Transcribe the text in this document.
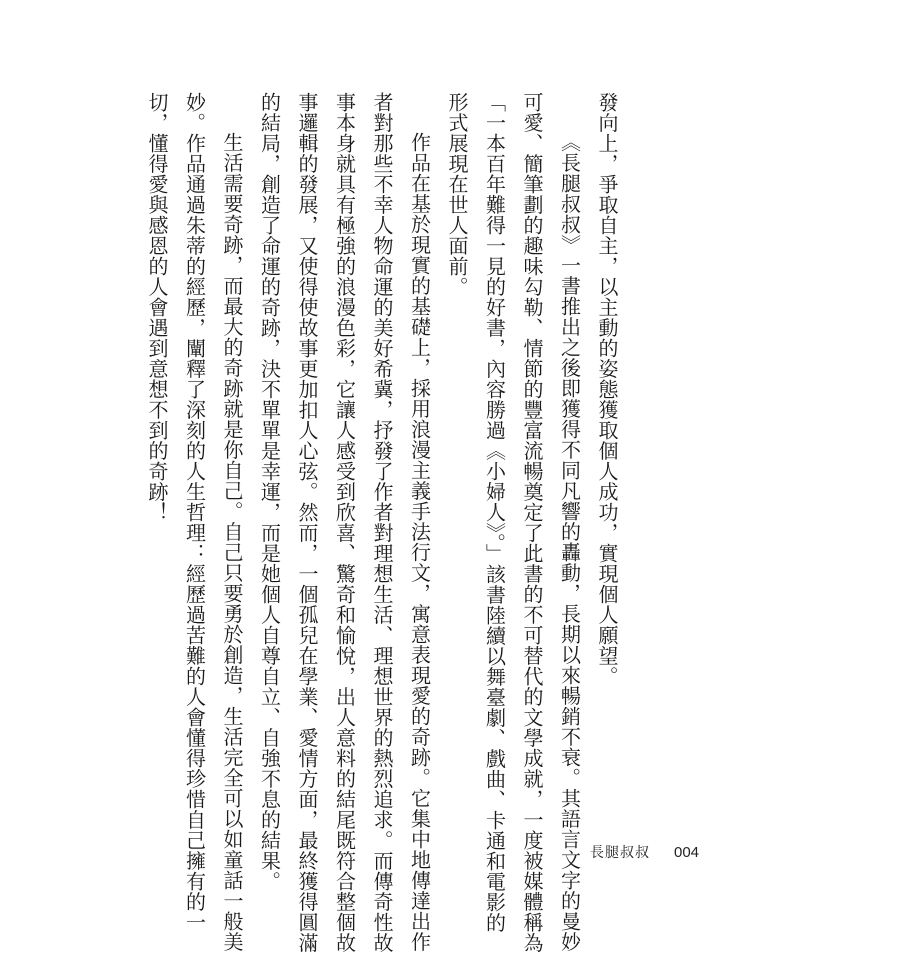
發向上，爭取自主，以主動的姿態獲取個人成功，實現個人願望。

《長腿叔叔》一書推出之後即獲得不同凡響的轟動，長期以來暢銷不衰。其語言文字的曼妙

可愛、簡筆劃的趣味勾勒、情節的豐富流暢奠定了此書的不可替代的文學成就，一度被媒體稱為

「一本百年難得一見的好書，內容勝過《小婦人》。」該書陸續以舞臺劇、戲曲、卡通和電影的

形式展現在世人面前。

作品在基於現實的基礎上，採用浪漫主義手法行文，寓意表現愛的奇跡。它集中地傳達出作

者對那些不幸人物命運的美好希冀，抒發了作者對理想生活、理想世界的熱烈追求。而傳奇性故

事本身就具有極強的浪漫色彩，它讓人感受到欣喜、驚奇和愉悅，出人意料的結尾既符合整個故

事邏輯的發展，又使得使故事更加扣人心弦。然而，一個孤兒在學業、愛情方面，最終獲得圓滿

的結局，創造了命運的奇跡，決不單單是幸運，而是她個人自尊自立、自強不息的結果。

生活需要奇跡，而最大的奇跡就是你自己。自己只要勇於創造，生活完全可以如童話一般美

妙。作品通過朱蒂的經歷，闡釋了深刻的人生哲理：經歷過苦難的人會懂得珍惜自己擁有的一

切，懂得愛與感恩的人會遇到意想不到的奇跡！

長腿叔叔 004
